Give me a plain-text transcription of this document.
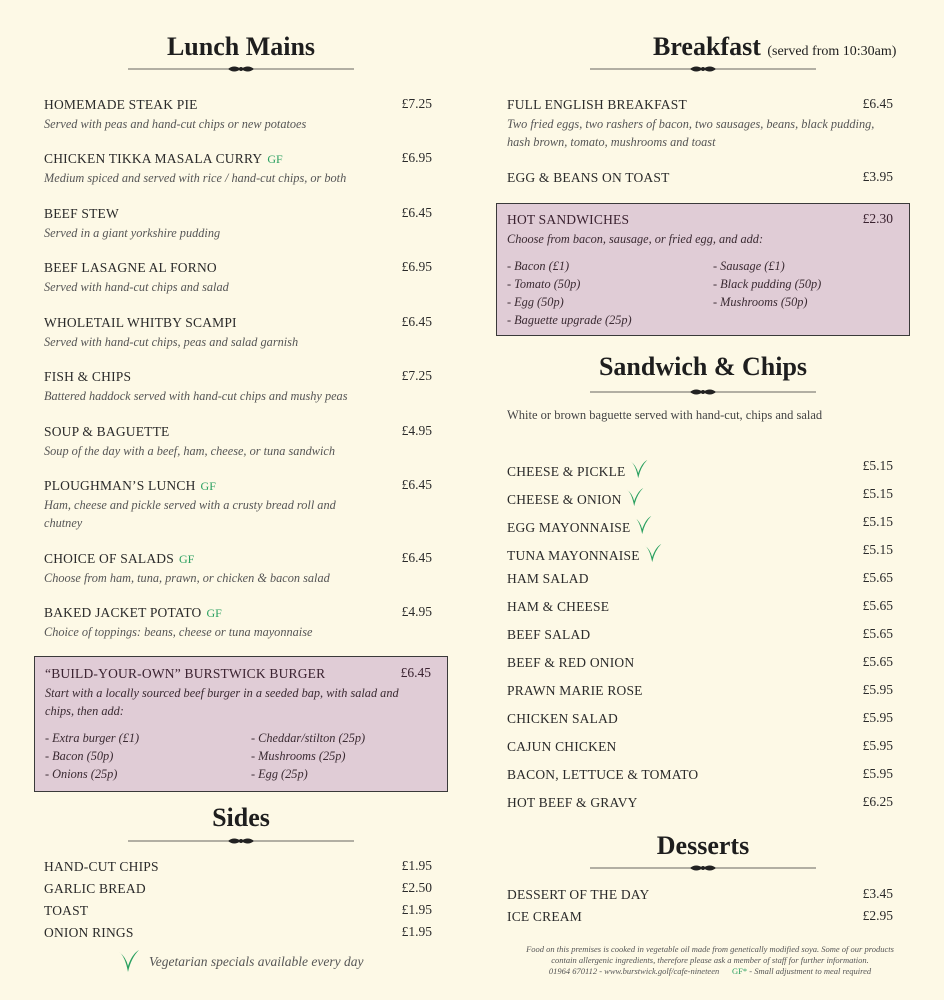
Lunch Mains
HOMEMADE STEAK PIE	£7.25
Served with peas and hand-cut chips or new potatoes
CHICKEN TIKKA MASALA CURRY GF	£6.95
Medium spiced and served with rice / hand-cut chips, or both
BEEF STEW	£6.45
Served in a giant yorkshire pudding
BEEF LASAGNE AL FORNO	£6.95
Served with hand-cut chips and salad
WHOLETAIL WHITBY SCAMPI	£6.45
Served with hand-cut chips, peas and salad garnish
FISH & CHIPS	£7.25
Battered haddock served with hand-cut chips and mushy peas
SOUP & BAGUETTE	£4.95
Soup of the day with a beef, ham, cheese, or tuna sandwich
PLOUGHMAN’S LUNCH GF	£6.45
Ham, cheese and pickle served with a crusty bread roll and chutney
CHOICE OF SALADS GF	£6.45
Choose from ham, tuna, prawn, or chicken & bacon salad
BAKED JACKET POTATO GF	£4.95
Choice of toppings: beans, cheese or tuna mayonnaise
“BUILD-YOUR-OWN” BURSTWICK BURGER	£6.45
Start with a locally sourced beef burger in a seeded bap, with salad and chips, then add:
- Extra burger (£1)	- Cheddar/stilton (25p)
- Bacon (50p)	- Mushrooms (25p)
- Onions (25p)	- Egg (25p)
Sides
HAND-CUT CHIPS	£1.95
GARLIC BREAD	£2.50
TOAST	£1.95
ONION RINGS	£1.95
$^{Vegetarian specials available every day}$
Breakfast (served from 10:30am)
FULL ENGLISH BREAKFAST	£6.45
Two fried eggs, two rashers of bacon, two sausages, beans, black pudding, hash brown, tomato, mushrooms and toast
EGG & BEANS ON TOAST	£3.95
HOT SANDWICHES	£2.30
Choose from bacon, sausage, or fried egg, and add:
- Bacon (£1)	- Sausage (£1)
- Tomato (50p)	- Black pudding (50p)
- Egg (50p)	- Mushrooms (50p)
- Baguette upgrade (25p)
Sandwich & Chips
White or brown baguette served with hand-cut, chips and salad
CHEESE & PICKLE	£5.15
CHEESE & ONION	£5.15
EGG MAYONNAISE	£5.15
TUNA MAYONNAISE	£5.15
HAM SALAD	£5.65
HAM & CHEESE	£5.65
BEEF SALAD	£5.65
BEEF & RED ONION	£5.65
PRAWN MARIE ROSE	£5.95
CHICKEN SALAD	£5.95
CAJUN CHICKEN	£5.95
BACON, LETTUCE & TOMATO	£5.95
HOT BEEF & GRAVY	£6.25
Desserts
DESSERT OF THE DAY	£3.45
ICE CREAM	£2.95
Food on this premises is cooked in vegetable oil made from genetically modified soya. Some of our products
contain allergenic ingredients, therefore please ask a member of staff for further information.
01964 670112 - www.burstwick.golf/cafe-nineteen GF* - Small adjustment to meal required
